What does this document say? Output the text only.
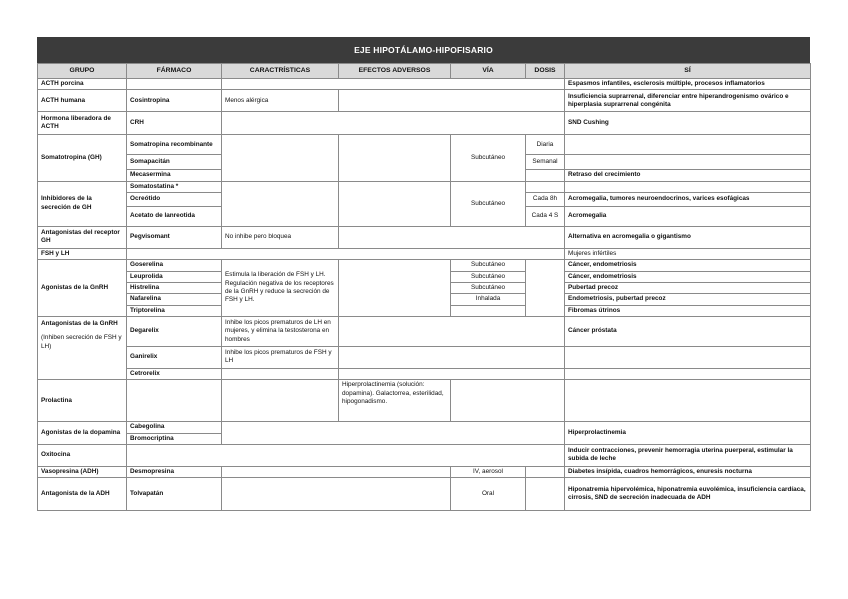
EJE HIPOTÁLAMO-HIPOFISARIO
GRUPO	FÁRMACO	CARACTRÍSTICAS	EFECTOS ADVERSOS	VÍA	DOSIS	SÍ
ACTH porcina						Espasmos infantiles, esclerosis múltiple, procesos inflamatorios
ACTH humana	Cosintropina	Menos alérgica				Insuficiencia suprarrenal, diferenciar entre hiperandrogenismo ovárico e hiperplasia suprarrenal congénita
Hormona liberadora de ACTH	CRH					SND Cushing
Somatotropina (GH)	Somatropina recombinante			Subcutáneo	Diaria	
	Somapacitán				Semanal	
	Mecasermina					Retraso del crecimiento
Inhibidores de la secreción de GH	Somatostatina *			Subcutáneo		
	Ocreótido				Cada 8h	Acromegalia, tumores neuroendocrinos, varices esofágicas
	Acetato de lanreotida				Cada 4 S	Acromegalia
Antagonistas del receptor GH	Pegvisomant	No inhibe pero bloquea				Alternativa en acromegalia o gigantismo
FSH y LH						Mujeres infértiles
Agonistas de la GnRH	Goserelina	Estimula la liberación de FSH y LH. Regulación negativa de los receptores de la GnRH y reduce la secreción de FSH y LH.		Subcutáneo		Cáncer, endometriosis
	Leuprolida			Subcutáneo		Cáncer, endometriosis
	Histrelina			Subcutáneo		Pubertad precoz
	Nafarelina			Inhalada		Endometriosis, pubertad precoz
	Triptorelina					Fibromas útrinos
Antagonistas de la GnRH
(Inhiben secreción de FSH y LH)	Degarelix	Inhibe los picos prematuros de LH en mujeres, y elimina la testosterona en hombres				Cáncer próstata
	Ganirelix	Inhibe los picos prematuros de FSH y LH				
	Cetrorelix					
Prolactina			Hiperprolactinemia (solución: dopamina). Galactorrea, esterilidad, hipogonadismo.			
Agonistas de la dopamina	Cabegolina					Hiperprolactinemia
	Bromocriptina					
Oxitocina						Inducir contracciones, prevenir hemorragia uterina puerperal, estimular la subida de leche
Vasopresina (ADH)	Desmopresina			IV, aerosol		Diabetes insípida, cuadros hemorrágicos, enuresis nocturna
Antagonista de la ADH	Tolvapatán			Oral		Hiponatremia hipervolémica, hiponatremia euvolémica, insuficiencia cardíaca, cirrosis, SND de secreción inadecuada de ADH
